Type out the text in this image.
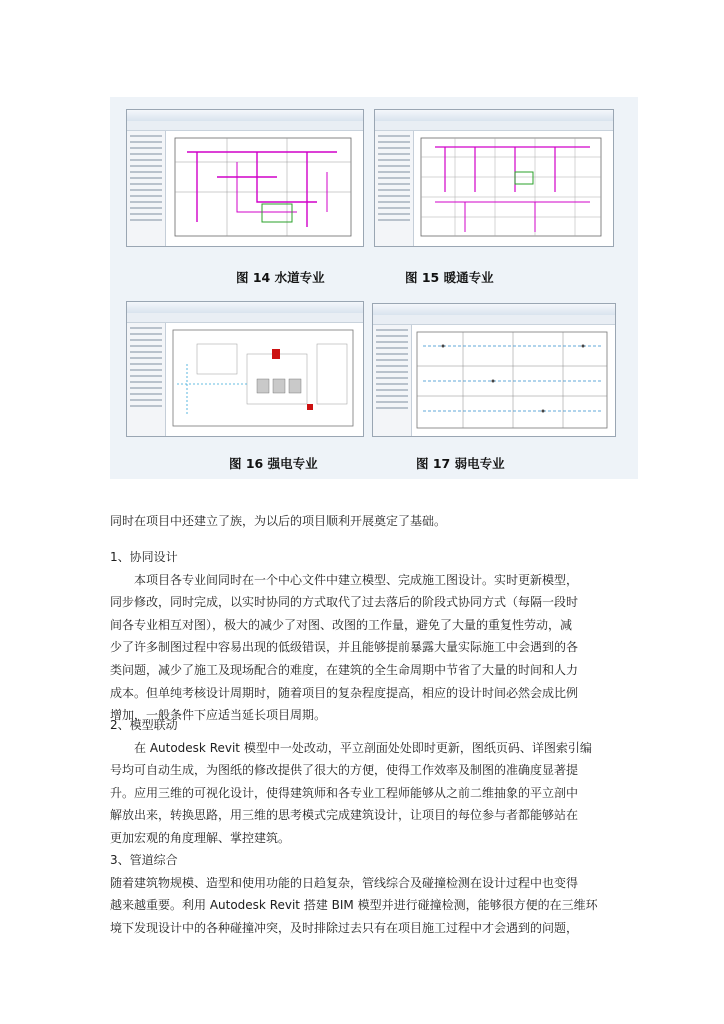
图 14 水道专业	图 15 暖通专业
图 16 强电专业	图 17 弱电专业

同时在项目中还建立了族，为以后的项目顺利开展奠定了基础。

1、协同设计

本项目各专业间同时在一个中心文件中建立模型、完成施工图设计。实时更新模型，

同步修改，同时完成，以实时协同的方式取代了过去落后的阶段式协同方式（每隔一段时

间各专业相互对图），极大的减少了对图、改图的工作量，避免了大量的重复性劳动，减

少了许多制图过程中容易出现的低级错误，并且能够提前暴露大量实际施工中会遇到的各

类问题，减少了施工及现场配合的难度，在建筑的全生命周期中节省了大量的时间和人力

成本。但单纯考核设计周期时，随着项目的复杂程度提高，相应的设计时间必然会成比例

增加，一般条件下应适当延长项目周期。

2、模型联动

在 Autodesk Revit 模型中一处改动，平立剖面处处即时更新，图纸页码、详图索引编

号均可自动生成，为图纸的修改提供了很大的方便，使得工作效率及制图的准确度显著提

升。应用三维的可视化设计，使得建筑师和各专业工程师能够从之前二维抽象的平立剖中

解放出来，转换思路，用三维的思考模式完成建筑设计，让项目的每位参与者都能够站在

更加宏观的角度理解、掌控建筑。

3、管道综合

随着建筑物规模、造型和使用功能的日趋复杂，管线综合及碰撞检测在设计过程中也变得

越来越重要。利用 Autodesk Revit 搭建 BIM 模型并进行碰撞检测，能够很方便的在三维环

境下发现设计中的各种碰撞冲突，及时排除过去只有在项目施工过程中才会遇到的问题，
